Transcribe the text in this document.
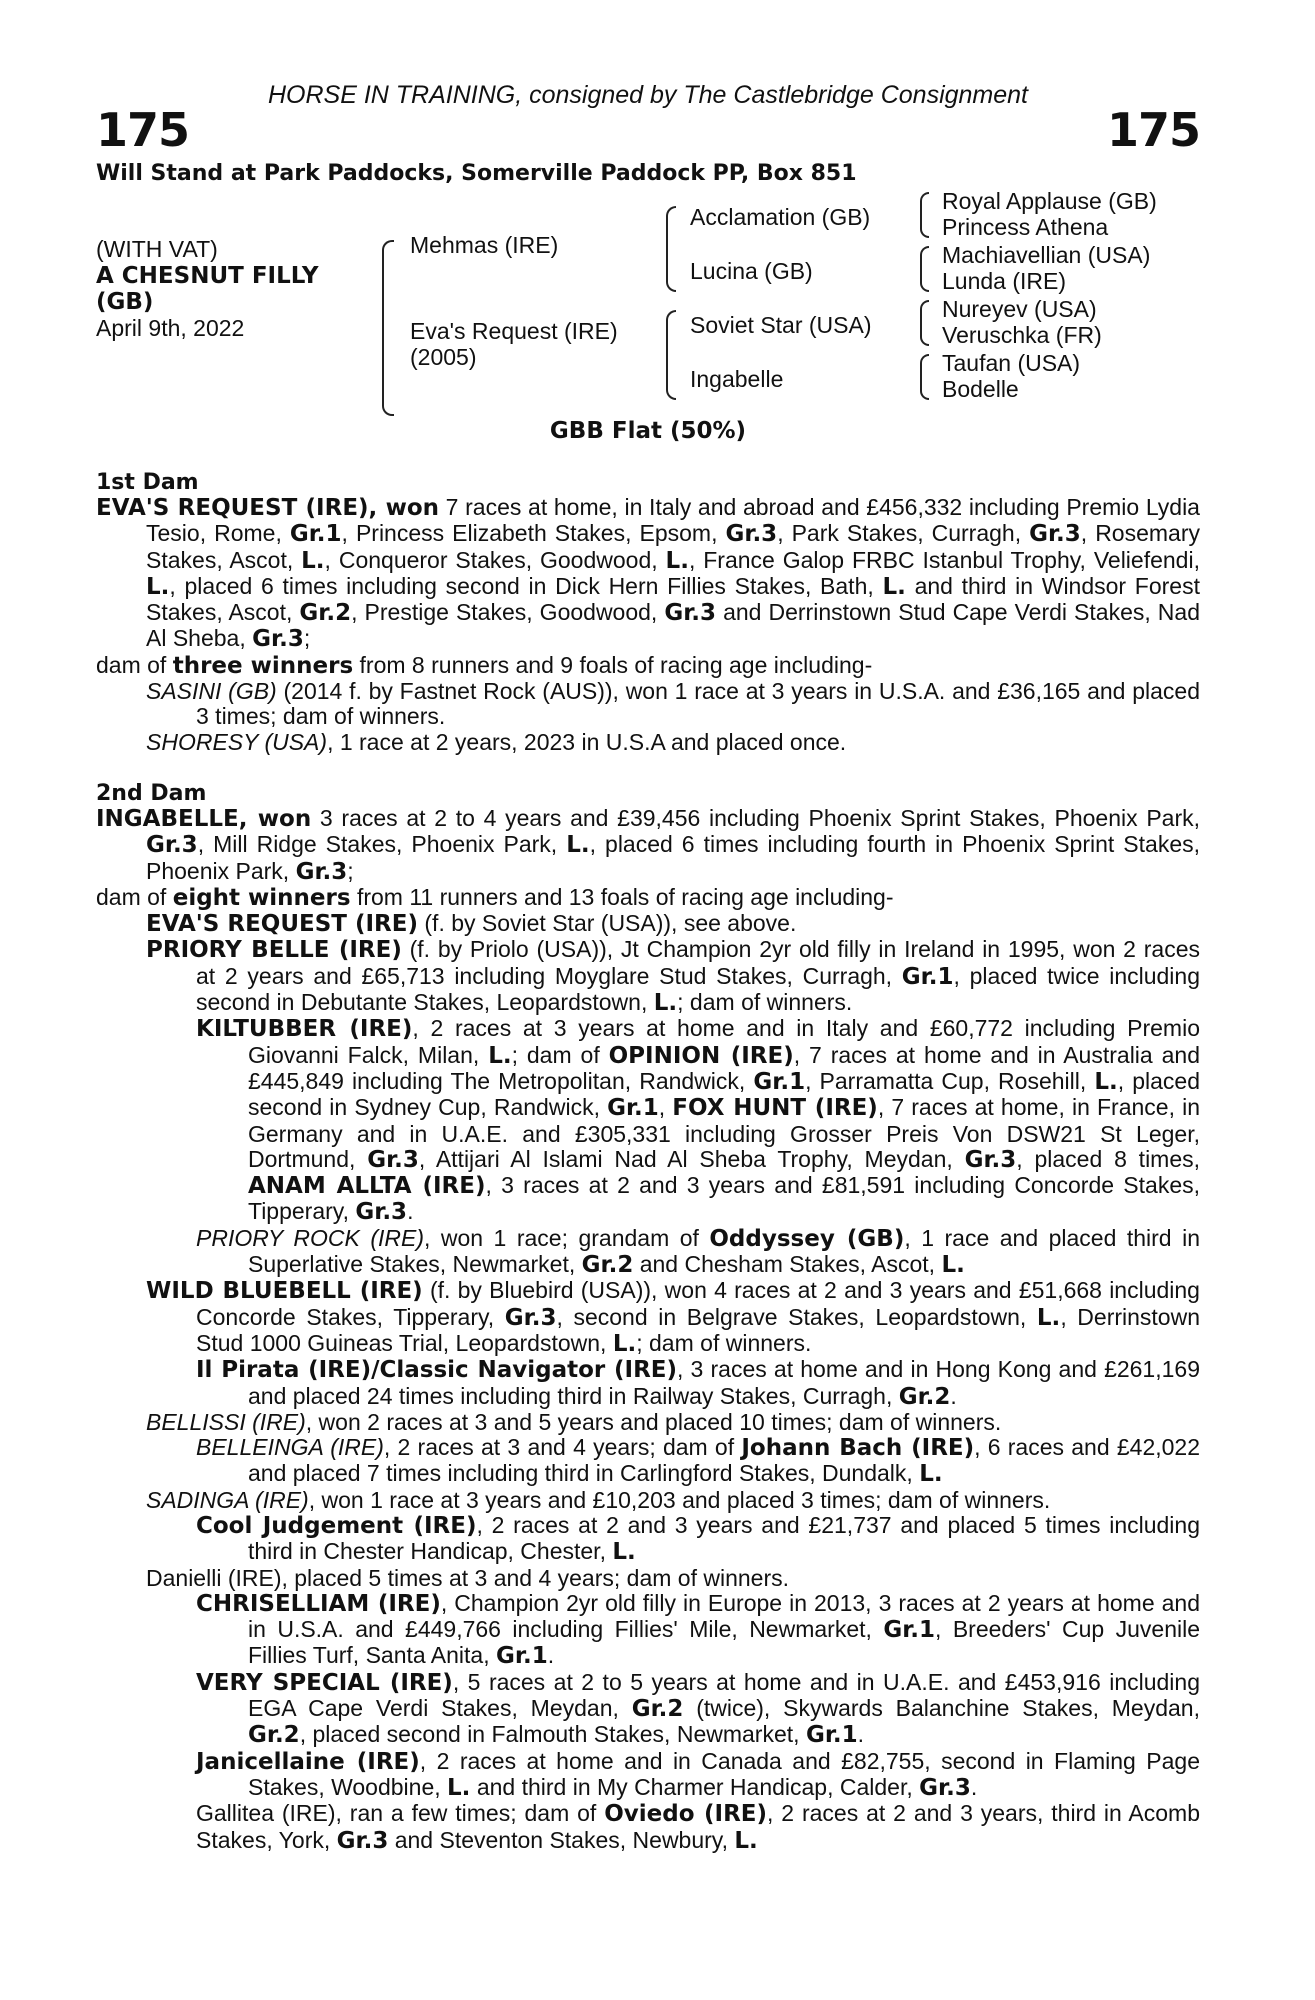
HORSE IN TRAINING, consigned by The Castlebridge Consignment

175	175
Will Stand at Park Paddocks, Somerville Paddock PP, Box 851
(WITH VAT)
A CHESNUT FILLY
(GB)
April 9th, 2022
Mehmas (IRE)
Eva's Request (IRE)
(2005)
Acclamation (GB)
Lucina (GB)
Soviet Star (USA)
Ingabelle
Royal Applause (GB)
Princess Athena
Machiavellian (USA)
Lunda (IRE)
Nureyev (USA)
Veruschka (FR)
Taufan (USA)
Bodelle
GBB Flat (50%)
1st Dam

EVA'S REQUEST (IRE), won 7 races at home, in Italy and abroad and £456,332 including Premio Lydia Tesio, Rome, Gr.1, Princess Elizabeth Stakes, Epsom, Gr.3, Park Stakes, Curragh, Gr.3, Rosemary Stakes, Ascot, L., Conqueror Stakes, Goodwood, L., France Galop FRBC Istanbul Trophy, Veliefendi, L., placed 6 times including second in Dick Hern Fillies Stakes, Bath, L. and third in Windsor Forest Stakes, Ascot, Gr.2, Prestige Stakes, Goodwood, Gr.3 and Derrinstown Stud Cape Verdi Stakes, Nad Al Sheba, Gr.3;

dam of three winners from 8 runners and 9 foals of racing age including-

SASINI (GB) (2014 f. by Fastnet Rock (AUS)), won 1 race at 3 years in U.S.A. and £36,165 and placed 3 times; dam of winners.

SHORESY (USA), 1 race at 2 years, 2023 in U.S.A and placed once.

2nd Dam

INGABELLE, won 3 races at 2 to 4 years and £39,456 including Phoenix Sprint Stakes, Phoenix Park, Gr.3, Mill Ridge Stakes, Phoenix Park, L., placed 6 times including fourth in Phoenix Sprint Stakes, Phoenix Park, Gr.3;

dam of eight winners from 11 runners and 13 foals of racing age including-

EVA'S REQUEST (IRE) (f. by Soviet Star (USA)), see above.

PRIORY BELLE (IRE) (f. by Priolo (USA)), Jt Champion 2yr old filly in Ireland in 1995, won 2 races at 2 years and £65,713 including Moyglare Stud Stakes, Curragh, Gr.1, placed twice including second in Debutante Stakes, Leopardstown, L.; dam of winners.

KILTUBBER (IRE), 2 races at 3 years at home and in Italy and £60,772 including Premio Giovanni Falck, Milan, L.; dam of OPINION (IRE), 7 races at home and in Australia and £445,849 including The Metropolitan, Randwick, Gr.1, Parramatta Cup, Rosehill, L., placed second in Sydney Cup, Randwick, Gr.1, FOX HUNT (IRE), 7 races at home, in France, in Germany and in U.A.E. and £305,331 including Grosser Preis Von DSW21 St Leger, Dortmund, Gr.3, Attijari Al Islami Nad Al Sheba Trophy, Meydan, Gr.3, placed 8 times, ANAM ALLTA (IRE), 3 races at 2 and 3 years and £81,591 including Concorde Stakes, Tipperary, Gr.3.

PRIORY ROCK (IRE), won 1 race; grandam of Oddyssey (GB), 1 race and placed third in Superlative Stakes, Newmarket, Gr.2 and Chesham Stakes, Ascot, L.

WILD BLUEBELL (IRE) (f. by Bluebird (USA)), won 4 races at 2 and 3 years and £51,668 including Concorde Stakes, Tipperary, Gr.3, second in Belgrave Stakes, Leopardstown, L., Derrinstown Stud 1000 Guineas Trial, Leopardstown, L.; dam of winners.

Il Pirata (IRE)/Classic Navigator (IRE), 3 races at home and in Hong Kong and £261,169 and placed 24 times including third in Railway Stakes, Curragh, Gr.2.

BELLISSI (IRE), won 2 races at 3 and 5 years and placed 10 times; dam of winners.

BELLEINGA (IRE), 2 races at 3 and 4 years; dam of Johann Bach (IRE), 6 races and £42,022 and placed 7 times including third in Carlingford Stakes, Dundalk, L.

SADINGA (IRE), won 1 race at 3 years and £10,203 and placed 3 times; dam of winners.

Cool Judgement (IRE), 2 races at 2 and 3 years and £21,737 and placed 5 times including third in Chester Handicap, Chester, L.

Danielli (IRE), placed 5 times at 3 and 4 years; dam of winners.

CHRISELLIAM (IRE), Champion 2yr old filly in Europe in 2013, 3 races at 2 years at home and in U.S.A. and £449,766 including Fillies' Mile, Newmarket, Gr.1, Breeders' Cup Juvenile Fillies Turf, Santa Anita, Gr.1.

VERY SPECIAL (IRE), 5 races at 2 to 5 years at home and in U.A.E. and £453,916 including EGA Cape Verdi Stakes, Meydan, Gr.2 (twice), Skywards Balanchine Stakes, Meydan, Gr.2, placed second in Falmouth Stakes, Newmarket, Gr.1.

Janicellaine (IRE), 2 races at home and in Canada and £82,755, second in Flaming Page Stakes, Woodbine, L. and third in My Charmer Handicap, Calder, Gr.3.

Gallitea (IRE), ran a few times; dam of Oviedo (IRE), 2 races at 2 and 3 years, third in Acomb Stakes, York, Gr.3 and Steventon Stakes, Newbury, L.
